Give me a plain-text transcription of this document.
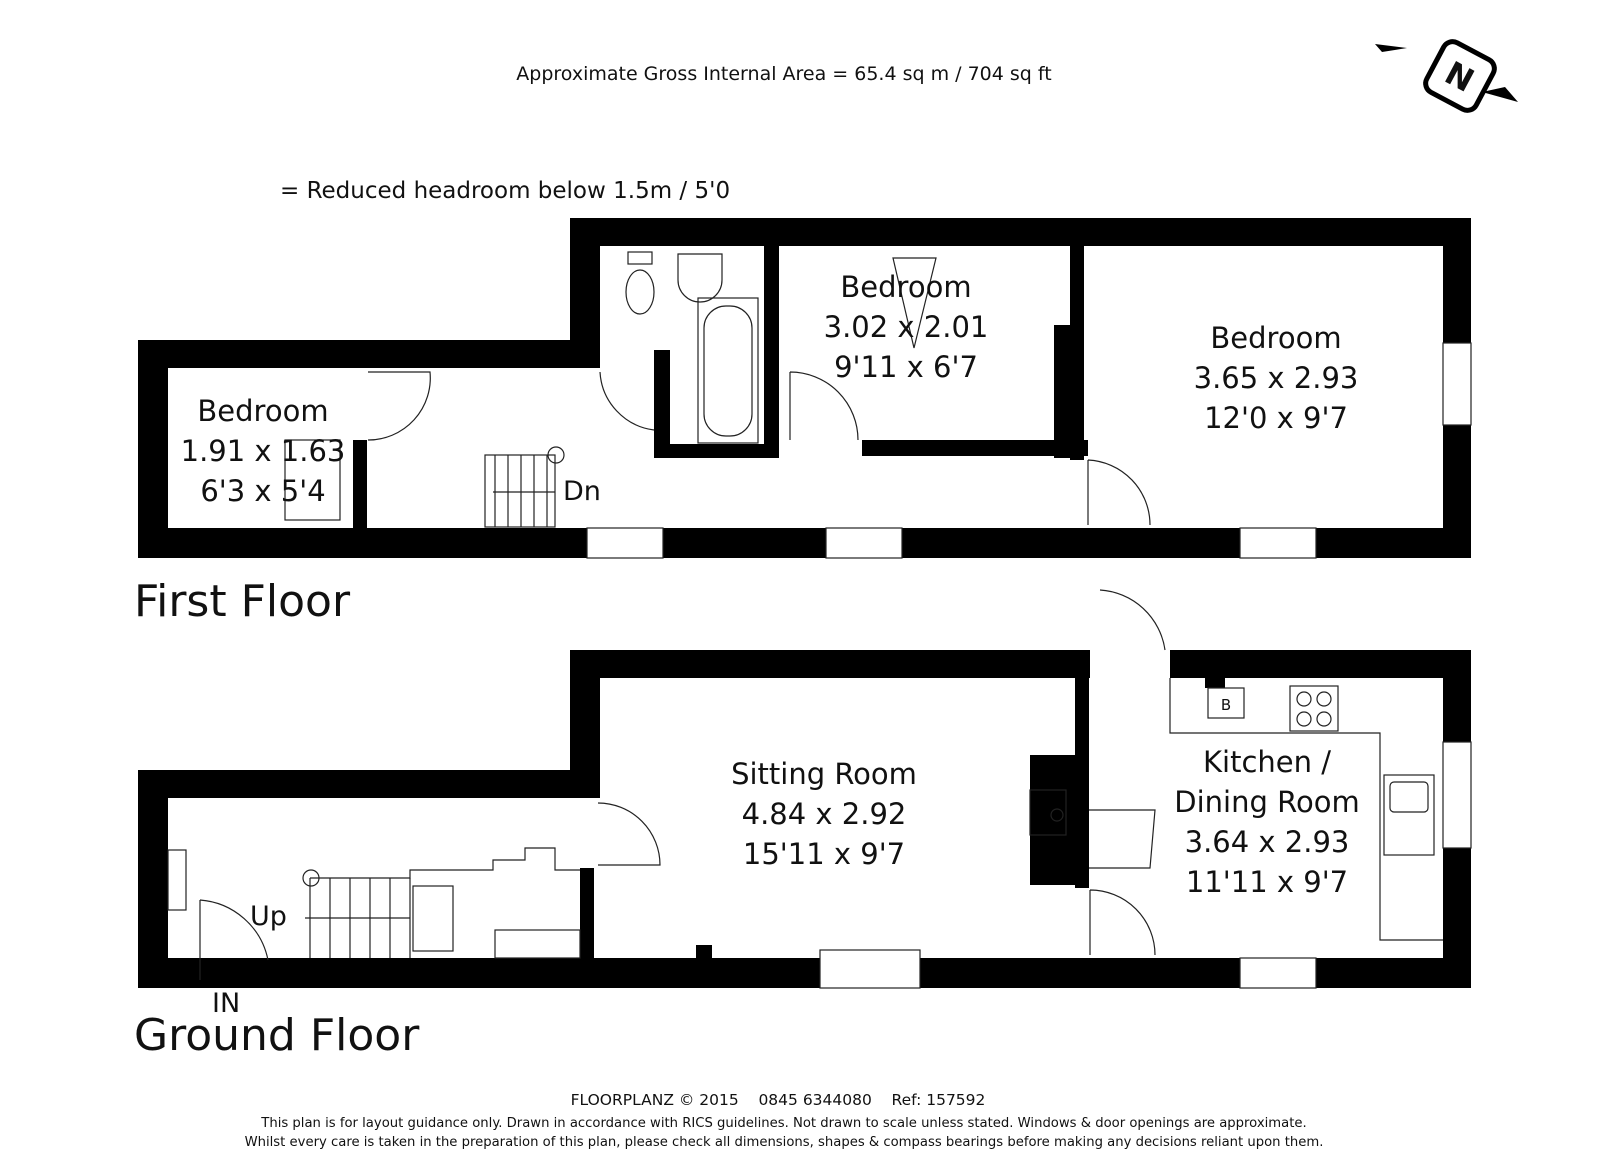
Approximate Gross Internal Area = 65.4 sq m / 704 sq ft
= Reduced headroom below 1.5m / 5'0
N
Dn
Bedroom
1.91 x 1.63
6'3 x 5'4
Bedroom
3.02 x 2.01
9'11 x 6'7
Bedroom
3.65 x 2.93
12'0 x 9'7
First Floor
IN
B
Up
Sitting Room
4.84 x 2.92
15'11 x 9'7
Kitchen /
Dining Room
3.64 x 2.93
11'11 x 9'7
Ground Floor
FLOORPLANZ © 2015    0845 6344080    Ref: 157592
This plan is for layout guidance only. Drawn in accordance with RICS guidelines. Not drawn to scale unless stated. Windows & door openings are approximate.
Whilst every care is taken in the preparation of this plan, please check all dimensions, shapes & compass bearings before making any decisions reliant upon them.
